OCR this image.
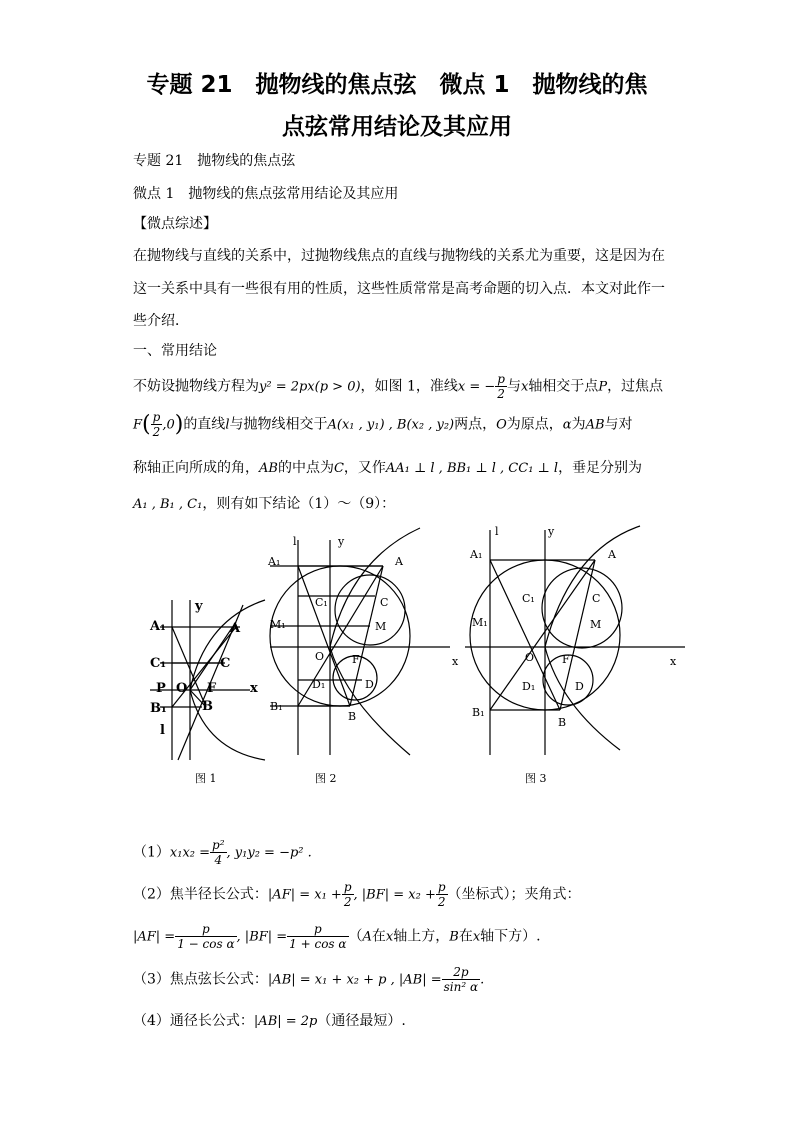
专题 21　抛物线的焦点弦　微点 1　抛物线的焦
点弦常用结论及其应用
专题 21　抛物线的焦点弦
微点 1　抛物线的焦点弦常用结论及其应用
【微点综述】
在抛物线与直线的关系中，过抛物线焦点的直线与抛物线的关系尤为重要，这是因为在
这一关系中具有一些很有用的性质，这些性质常常是高考命题的切入点．本文对此作一
些介绍．
一、常用结论
不妨设抛物线方程为y² = 2px(p > 0)，如图 1，准线x = − $\frac{p}{2}$ 与x轴相交于点P，过焦点
$F( \frac{p}{2} ,0)$的直线l与抛物线相交于A(x₁ , y₁) , B(x₂ , y₂)两点，O为原点，α为AB与对
称轴正向所成的角，AB的中点为C，又作AA₁ ⊥ l , BB₁ ⊥ l , CC₁ ⊥ l，垂足分别为
A₁ , B₁ , C₁，则有如下结论（1）～（9）：
y
A₁	A
C₁	C
P O F	x
B₁	B
l
l	y
A₁	A
C₁	C
M₁	M
O	F	x
D₁	D
B₁
B
l	y
A₁	A
C₁	C
M₁	M
O	F	x
D₁	D
B₁
B
图 1	图 2	图 3
$(1)x_1x_2 = \frac{\text{p²}}{4}$ , y₁y₂ = −p² .
（2）焦半径长公式：$|AF| = x_1 + \frac{p}{2}$ , $|BF| = x_2 + \frac{p}{2}$ （坐标式）；夹角式：
$|AF| = \frac{p}{\text{1 − cos α}}$ , $|BF| = \frac{p}{\text{1 + cos α}} (A$在x轴上方，B在x轴下方）.
（3）焦点弦长公式：|AB| = x₁ + x₂ + p , $|AB| = \frac{2p}{\text{sin² α}}$ .
（4）通径长公式：|AB| = 2p（通径最短）.
